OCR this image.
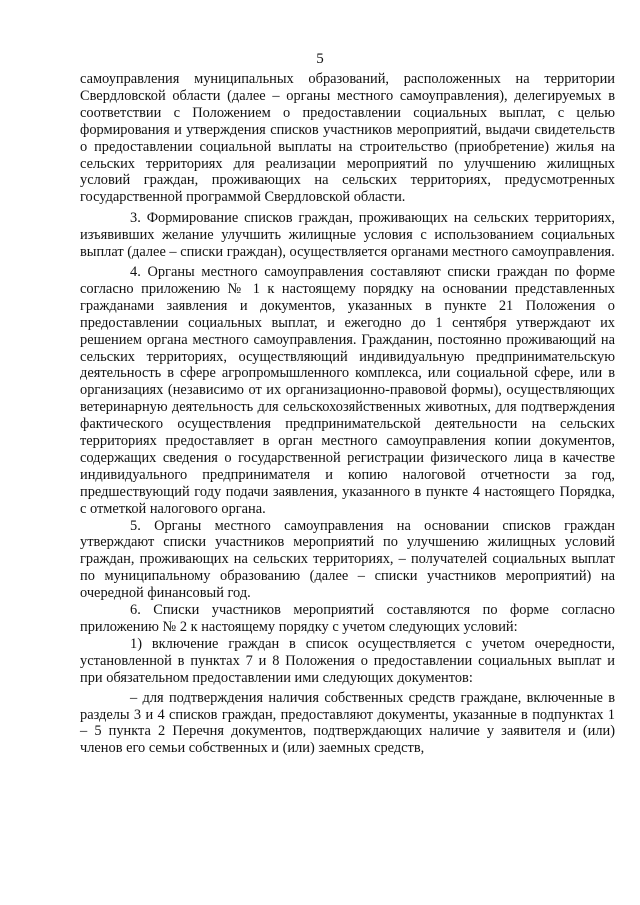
5

самоуправления муниципальных образований, расположенных на территории Свердловской области (далее – органы местного самоуправления), делегируемых в соответствии с Положением о предоставлении социальных выплат, с целью формирования и утверждения списков участников мероприятий, выдачи свидетельств о предоставлении социальной выплаты на строительство (приобретение) жилья на сельских территориях для реализации мероприятий по улучшению жилищных условий граждан, проживающих на сельских территориях, предусмотренных государственной программой Свердловской области.

3. Формирование списков граждан, проживающих на сельских территориях, изъявивших желание улучшить жилищные условия с использованием социальных выплат (далее – списки граждан), осуществляется органами местного самоуправления.

4. Органы местного самоуправления составляют списки граждан по форме согласно приложению № 1 к настоящему порядку на основании представленных гражданами заявления и документов, указанных в пункте 21 Положения о предоставлении социальных выплат, и ежегодно до 1 сентября утверждают их решением органа местного самоуправления. Гражданин, постоянно проживающий на сельских территориях, осуществляющий индивидуальную предпринимательскую деятельность в сфере агропромышленного комплекса, или социальной сфере, или в организациях (независимо от их организационно-правовой формы), осуществляющих ветеринарную деятельность для сельскохозяйственных животных, для подтверждения фактического осуществления предпринимательской деятельности на сельских территориях предоставляет в орган местного самоуправления копии документов, содержащих сведения о государственной регистрации физического лица в качестве индивидуального предпринимателя и копию налоговой отчетности за год, предшествующий году подачи заявления, указанного в пункте 4 настоящего Порядка, с отметкой налогового органа.

5. Органы местного самоуправления на основании списков граждан утверждают списки участников мероприятий по улучшению жилищных условий граждан, проживающих на сельских территориях, – получателей социальных выплат по муниципальному образованию (далее – списки участников мероприятий) на очередной финансовый год.

6. Списки участников мероприятий составляются по форме согласно приложению № 2 к настоящему порядку с учетом следующих условий:

1) включение граждан в список осуществляется с учетом очередности, установленной в пунктах 7 и 8 Положения о предоставлении социальных выплат и при обязательном предоставлении ими следующих документов:

– для подтверждения наличия собственных средств граждане, включенные в разделы 3 и 4 списков граждан, предоставляют документы, указанные в подпунктах 1 – 5 пункта 2 Перечня документов, подтверждающих наличие у заявителя и (или) членов его семьи собственных и (или) заемных средств,
